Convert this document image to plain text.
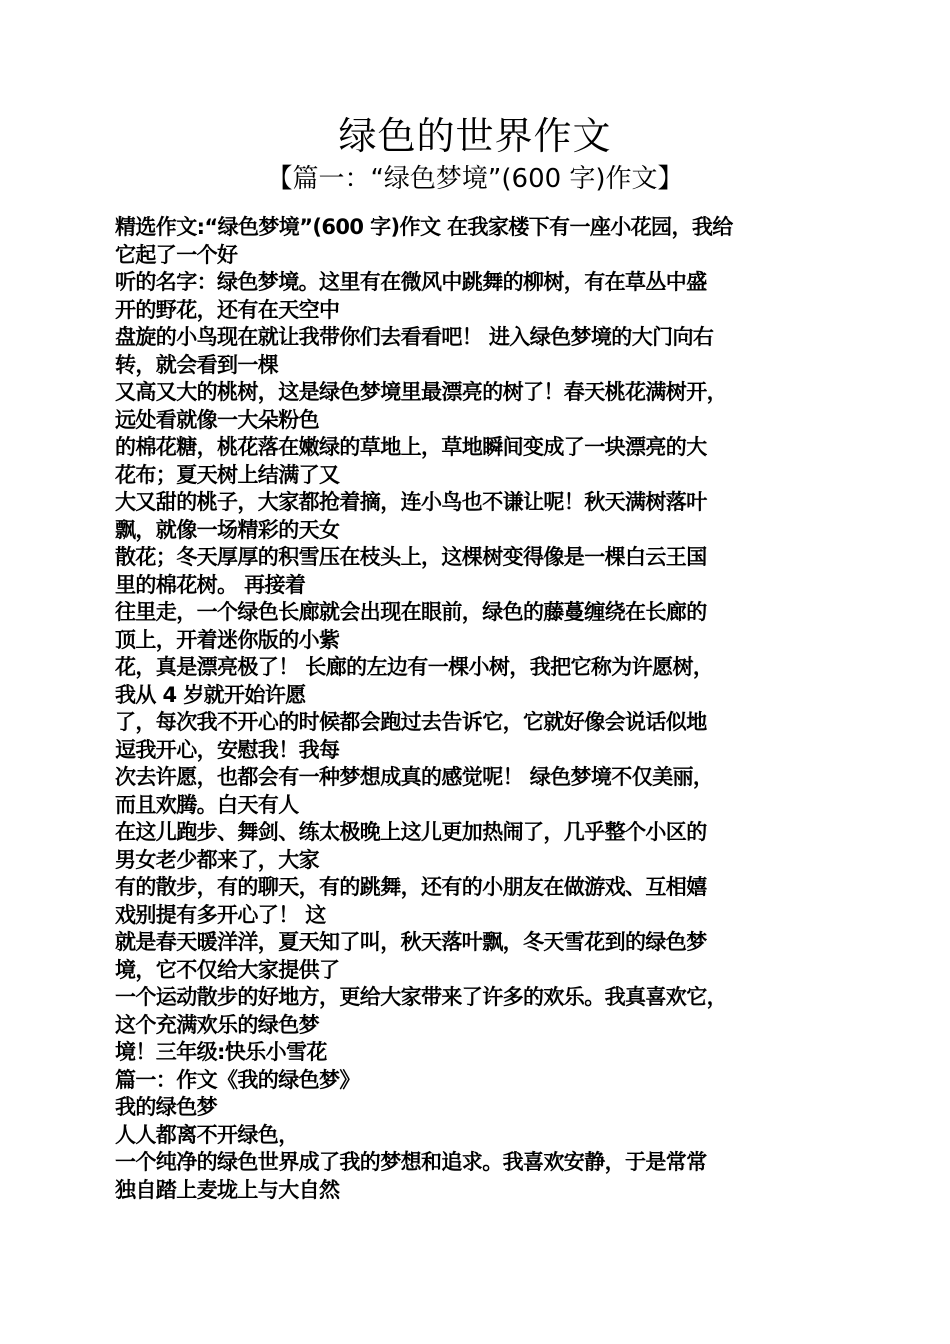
绿色的世界作文
【篇一：“绿色梦境”(600 字)作文】
精选作文:“绿色梦境”(600 字)作文 在我家楼下有一座小花园，我给
它起了一个好
听的名字：绿色梦境。这里有在微风中跳舞的柳树，有在草丛中盛
开的野花，还有在天空中
盘旋的小鸟现在就让我带你们去看看吧！ 进入绿色梦境的大门向右
转，就会看到一棵
又高又大的桃树，这是绿色梦境里最漂亮的树了！春天桃花满树开，
远处看就像一大朵粉色
的棉花糖，桃花落在嫩绿的草地上，草地瞬间变成了一块漂亮的大
花布；夏天树上结满了又
大又甜的桃子，大家都抢着摘，连小鸟也不谦让呢！秋天满树落叶
飘，就像一场精彩的天女
散花；冬天厚厚的积雪压在枝头上，这棵树变得像是一棵白云王国
里的棉花树。 再接着
往里走，一个绿色长廊就会出现在眼前，绿色的藤蔓缠绕在长廊的
顶上，开着迷你版的小紫
花，真是漂亮极了！ 长廊的左边有一棵小树，我把它称为许愿树，
我从 4 岁就开始许愿
了，每次我不开心的时候都会跑过去告诉它，它就好像会说话似地
逗我开心，安慰我！我每
次去许愿，也都会有一种梦想成真的感觉呢！ 绿色梦境不仅美丽，
而且欢腾。白天有人
在这儿跑步、舞剑、练太极晚上这儿更加热闹了，几乎整个小区的
男女老少都来了，大家
有的散步，有的聊天，有的跳舞，还有的小朋友在做游戏、互相嬉
戏别提有多开心了！ 这
就是春天暖洋洋，夏天知了叫，秋天落叶飘，冬天雪花到的绿色梦
境，它不仅给大家提供了
一个运动散步的好地方，更给大家带来了许多的欢乐。我真喜欢它，
这个充满欢乐的绿色梦
境！三年级:快乐小雪花
篇一：作文《我的绿色梦》
我的绿色梦
人人都离不开绿色，
一个纯净的绿色世界成了我的梦想和追求。我喜欢安静，于是常常
独自踏上麦垅上与大自然
